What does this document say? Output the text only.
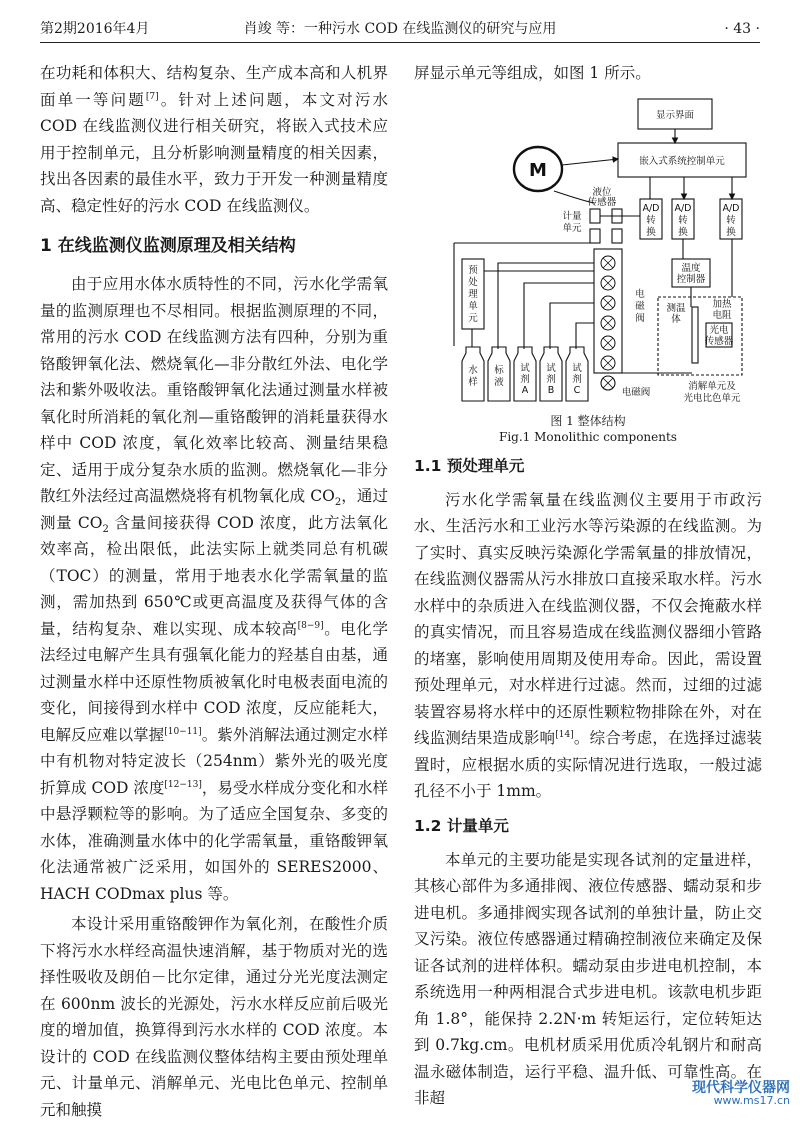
第2期2016年4月	肖竣 等：一种污水 COD 在线监测仪的研究与应用	· 43 ·

在功耗和体积大、结构复杂、生产成本高和人机界面单一等问题[7]。针对上述问题，本文对污水 COD 在线监测仪进行相关研究，将嵌入式技术应用于控制单元，且分析影响测量精度的相关因素，找出各因素的最佳水平，致力于开发一种测量精度高、稳定性好的污水 COD 在线监测仪。

1 在线监测仪监测原理及相关结构

由于应用水体水质特性的不同，污水化学需氧量的监测原理也不尽相同。根据监测原理的不同，常用的污水 COD 在线监测方法有四种，分别为重铬酸钾氧化法、燃烧氧化—非分散红外法、电化学法和紫外吸收法。重铬酸钾氧化法通过测量水样被氧化时所消耗的氧化剂—重铬酸钾的消耗量获得水样中 COD 浓度，氧化效率比较高、测量结果稳定、适用于成分复杂水质的监测。燃烧氧化—非分散红外法经过高温燃烧将有机物氧化成 $CO_2$，通过测量 $CO_2$ 含量间接获得 COD 浓度，此方法氧化效率高，检出限低，此法实际上就类同总有机碳（TOC）的测量，常用于地表水化学需氧量的监测，需加热到 650℃或更高温度及获得气体的含量，结构复杂、难以实现、成本较高[8−9]。电化学法经过电解产生具有强氧化能力的羟基自由基，通过测量水样中还原性物质被氧化时电极表面电流的变化，间接得到水样中 COD 浓度，反应能耗大，电解反应难以掌握[10−11]。紫外消解法通过测定水样中有机物对特定波长（254nm）紫外光的吸光度折算成 COD 浓度[12−13]，易受水样成分变化和水样中悬浮颗粒等的影响。为了适应全国复杂、多变的水体，准确测量水体中的化学需氧量，重铬酸钾氧化法通常被广泛采用，如国外的 SERES2000、HACH CODmax plus 等。

本设计采用重铬酸钾作为氧化剂，在酸性介质下将污水水样经高温快速消解，基于物质对光的选择性吸收及朗伯－比尔定律，通过分光光度法测定在 600nm 波长的光源处，污水水样反应前后吸光度的增加值，换算得到污水水样的 COD 浓度。本设计的 COD 在线监测仪整体结构主要由预处理单元、计量单元、消解单元、光电比色单元、控制单元和触摸

屏显示单元等组成，如图 1 所示。

显示界面
嵌入式系统控制单元
M
液位
传感器
计量
单元
A/D
转
换
A/D
转
换
A/D
转
换
温度
控制器
预
处
理
单
元
电
磁
阀
测温
体
加热
电阻
光电
传感器
水
样
标
液
试
剂
A
试
剂
B
试
剂
C	电磁阀
消解单元及
光电比色单元
图 1 整体结构
Fig.1 Monolithic components
1.1 预处理单元

污水化学需氧量在线监测仪主要用于市政污水、生活污水和工业污水等污染源的在线监测。为了实时、真实反映污染源化学需氧量的排放情况，在线监测仪器需从污水排放口直接采取水样。污水水样中的杂质进入在线监测仪器，不仅会掩蔽水样的真实情况，而且容易造成在线监测仪器细小管路的堵塞，影响使用周期及使用寿命。因此，需设置预处理单元，对水样进行过滤。然而，过细的过滤装置容易将水样中的还原性颗粒物排除在外，对在线监测结果造成影响[14]。综合考虑，在选择过滤装置时，应根据水质的实际情况进行选取，一般过滤孔径不小于 1mm。

1.2 计量单元

本单元的主要功能是实现各试剂的定量进样，其核心部件为多通排阀、液位传感器、蠕动泵和步进电机。多通排阀实现各试剂的单独计量，防止交叉污染。液位传感器通过精确控制液位来确定及保证各试剂的进样体积。蠕动泵由步进电机控制，本系统选用一种两相混合式步进电机。该款电机步距角 1.8°，能保持 2.2N·m 转矩运行，定位转矩达到 0.7kg.cm。电机材质采用优质冷轧钢片和耐高温永磁体制造，运行平稳、温升低、可靠性高。在非超

现代科学仪器网
www.ms17.cn
